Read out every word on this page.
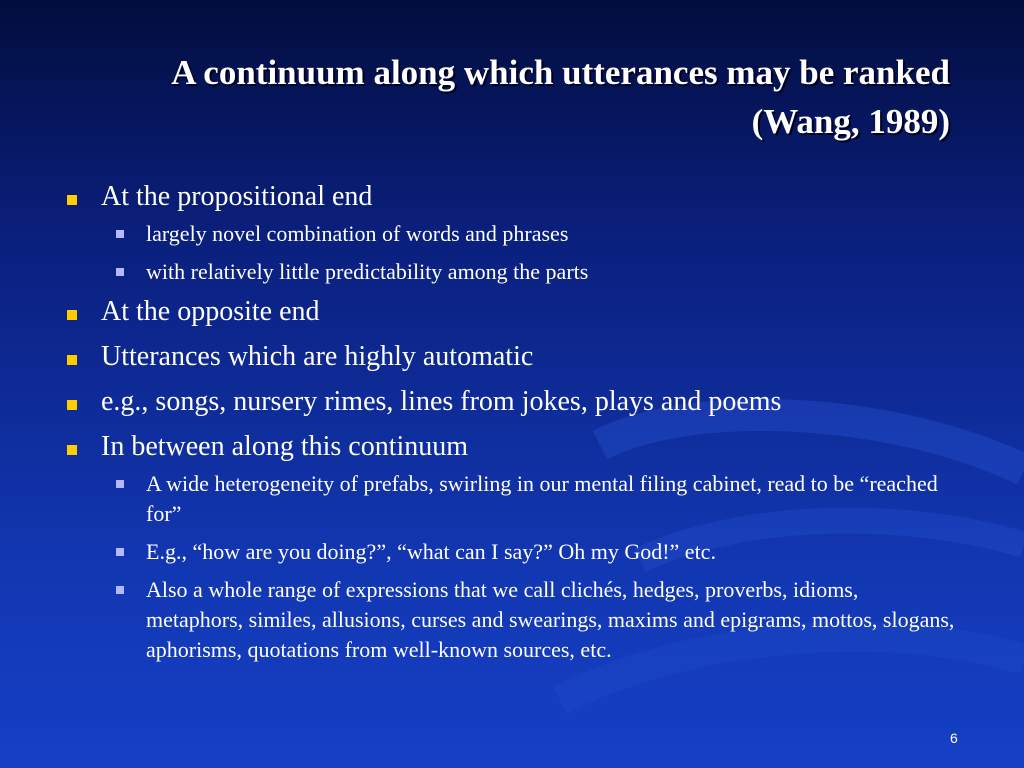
A continuum along which utterances may be ranked
(Wang, 1989)
At the propositional end
largely novel combination of words and phrases
with relatively little predictability among the parts
At the opposite end
Utterances which are highly automatic
e.g., songs, nursery rimes, lines from jokes, plays and poems
In between along this continuum
A wide heterogeneity of prefabs, swirling in our mental filing cabinet, read to be “reached for”
E.g., “how are you doing?”, “what can I say?” Oh my God!” etc.
Also a whole range of expressions that we call clichés, hedges, proverbs, idioms, metaphors, similes, allusions, curses and swearings, maxims and epigrams, mottos, slogans, aphorisms, quotations from well-known sources, etc.
6
